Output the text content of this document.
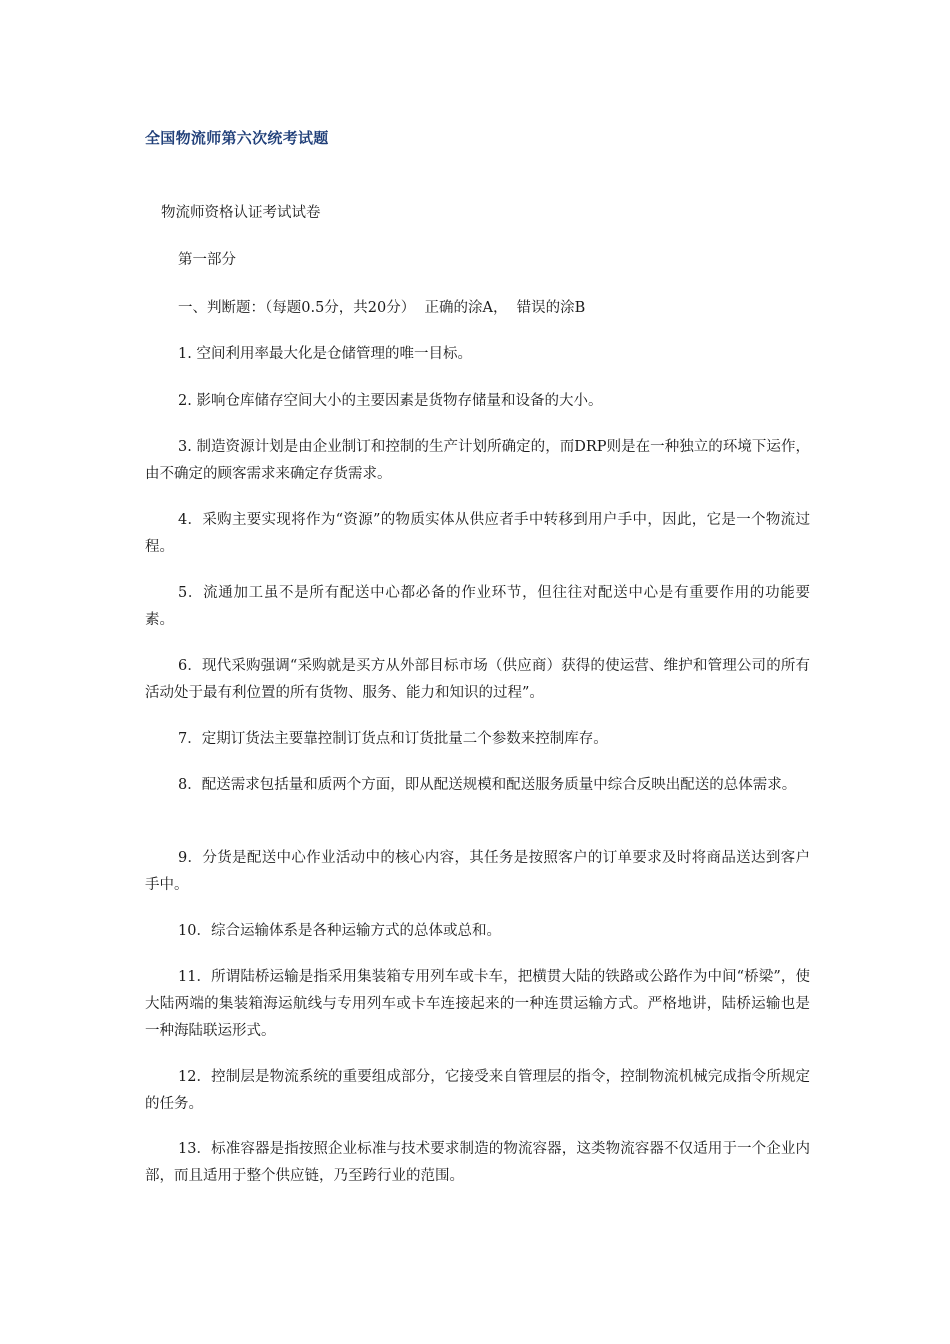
全国物流师第六次统考试题

物流师资格认证考试试卷

第一部分

一、判断题：（每题0.5分，共20分）  正确的涂A，  错误的涂B

1. 空间利用率最大化是仓储管理的唯一目标。

2. 影响仓库储存空间大小的主要因素是货物存储量和设备的大小。

3. 制造资源计划是由企业制订和控制的生产计划所确定的，而DRP则是在一种独立的环境下运作，由不确定的顾客需求来确定存货需求。

4．采购主要实现将作为“资源”的物质实体从供应者手中转移到用户手中，因此，它是一个物流过程。

5．流通加工虽不是所有配送中心都必备的作业环节，但往往对配送中心是有重要作用的功能要素。

6．现代采购强调“采购就是买方从外部目标市场（供应商）获得的使运营、维护和管理公司的所有活动处于最有利位置的所有货物、服务、能力和知识的过程”。

7．定期订货法主要靠控制订货点和订货批量二个参数来控制库存。

8．配送需求包括量和质两个方面，即从配送规模和配送服务质量中综合反映出配送的总体需求。

9．分货是配送中心作业活动中的核心内容，其任务是按照客户的订单要求及时将商品送达到客户手中。

10．综合运输体系是各种运输方式的总体或总和。

11．所谓陆桥运输是指采用集装箱专用列车或卡车，把横贯大陆的铁路或公路作为中间“桥梁”，使大陆两端的集装箱海运航线与专用列车或卡车连接起来的一种连贯运输方式。严格地讲，陆桥运输也是一种海陆联运形式。

12．控制层是物流系统的重要组成部分，它接受来自管理层的指令，控制物流机械完成指令所规定的任务。

13．标准容器是指按照企业标准与技术要求制造的物流容器，这类物流容器不仅适用于一个企业内部，而且适用于整个供应链，乃至跨行业的范围。
